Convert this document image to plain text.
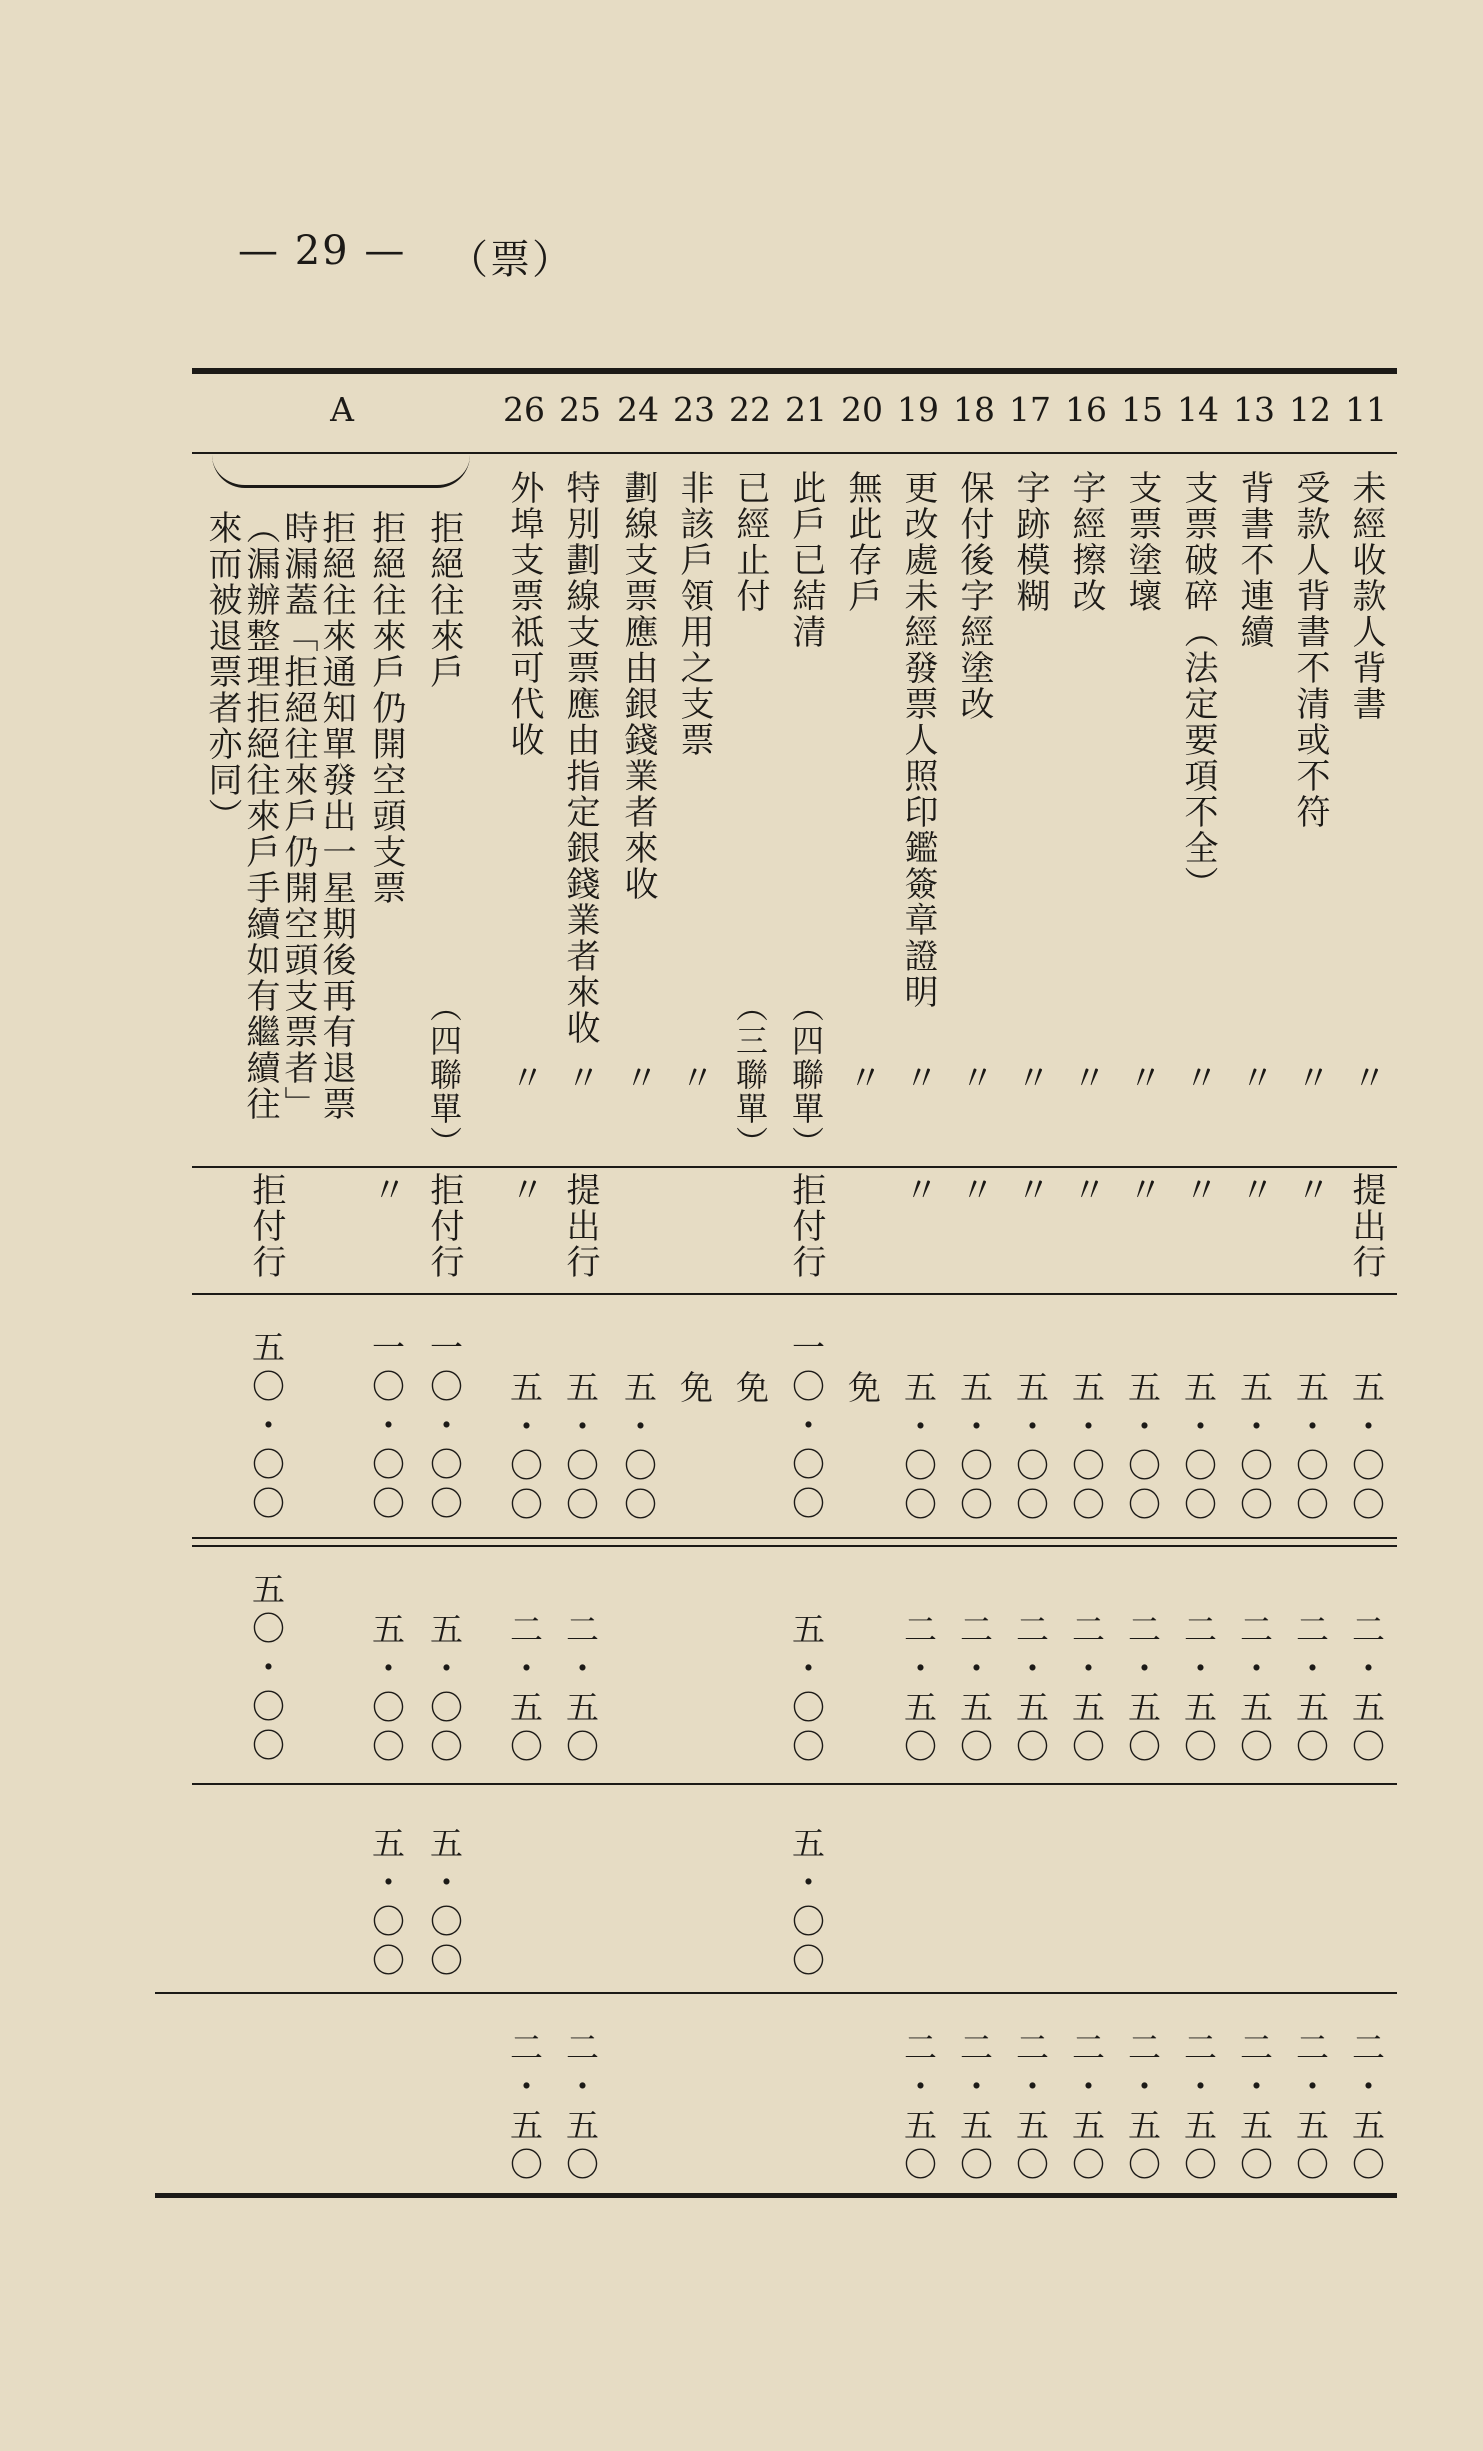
— 29 — （票）
A	26 25 24 23 22 21 20 19 18 17 16 15 14 13 12 11
未經收款人背書
受款人背書不清或不符
背書不連續
支票破碎（法定要項不全）
支票塗壞
字經擦改
字跡模糊
保付後字經塗改
更改處未經發票人照印鑑簽章證明
無此存戶
此戶已結清
（四聯單）
已經止付
（三聯單）
非該戶領用之支票
劃線支票應由銀錢業者來收
特別劃線支票應由指定銀錢業者來收
外埠支票祗可代收
〃
〃
〃
〃
〃
〃	〃 〃 〃 〃 〃 〃 〃 〃
拒絕往來戶
（四聯單）
拒絕往來戶仍開空頭支票
拒絕往來通知單發出一星期後再有退票
時漏蓋「拒絕往來戶仍開空頭支票者」
（漏辦整理拒絕往來戶手續如有繼續往
來而被退票者亦同）
提出行
〃
〃
〃
〃
〃
〃
〃
〃
拒付行
提出行
〃
拒付行
〃
拒付行
五・〇〇
五・〇〇
五・〇〇
五・〇〇
五・〇〇
五・〇〇
五・〇〇
五・〇〇
五・〇〇
免
一〇・〇〇
免
免
五・〇〇
五・〇〇
五・〇〇
一〇・〇〇
一〇・〇〇
五〇・〇〇
二・五〇
二・五〇
二・五〇
二・五〇
二・五〇
二・五〇
二・五〇
二・五〇
二・五〇
五・〇〇
二・五〇
二・五〇
五・〇〇
五・〇〇
五〇・〇〇
五・〇〇
五・〇〇
五・〇〇
二・五〇
二・五〇
二・五〇
二・五〇
二・五〇
二・五〇
二・五〇
二・五〇
二・五〇
二・五〇
二・五〇
